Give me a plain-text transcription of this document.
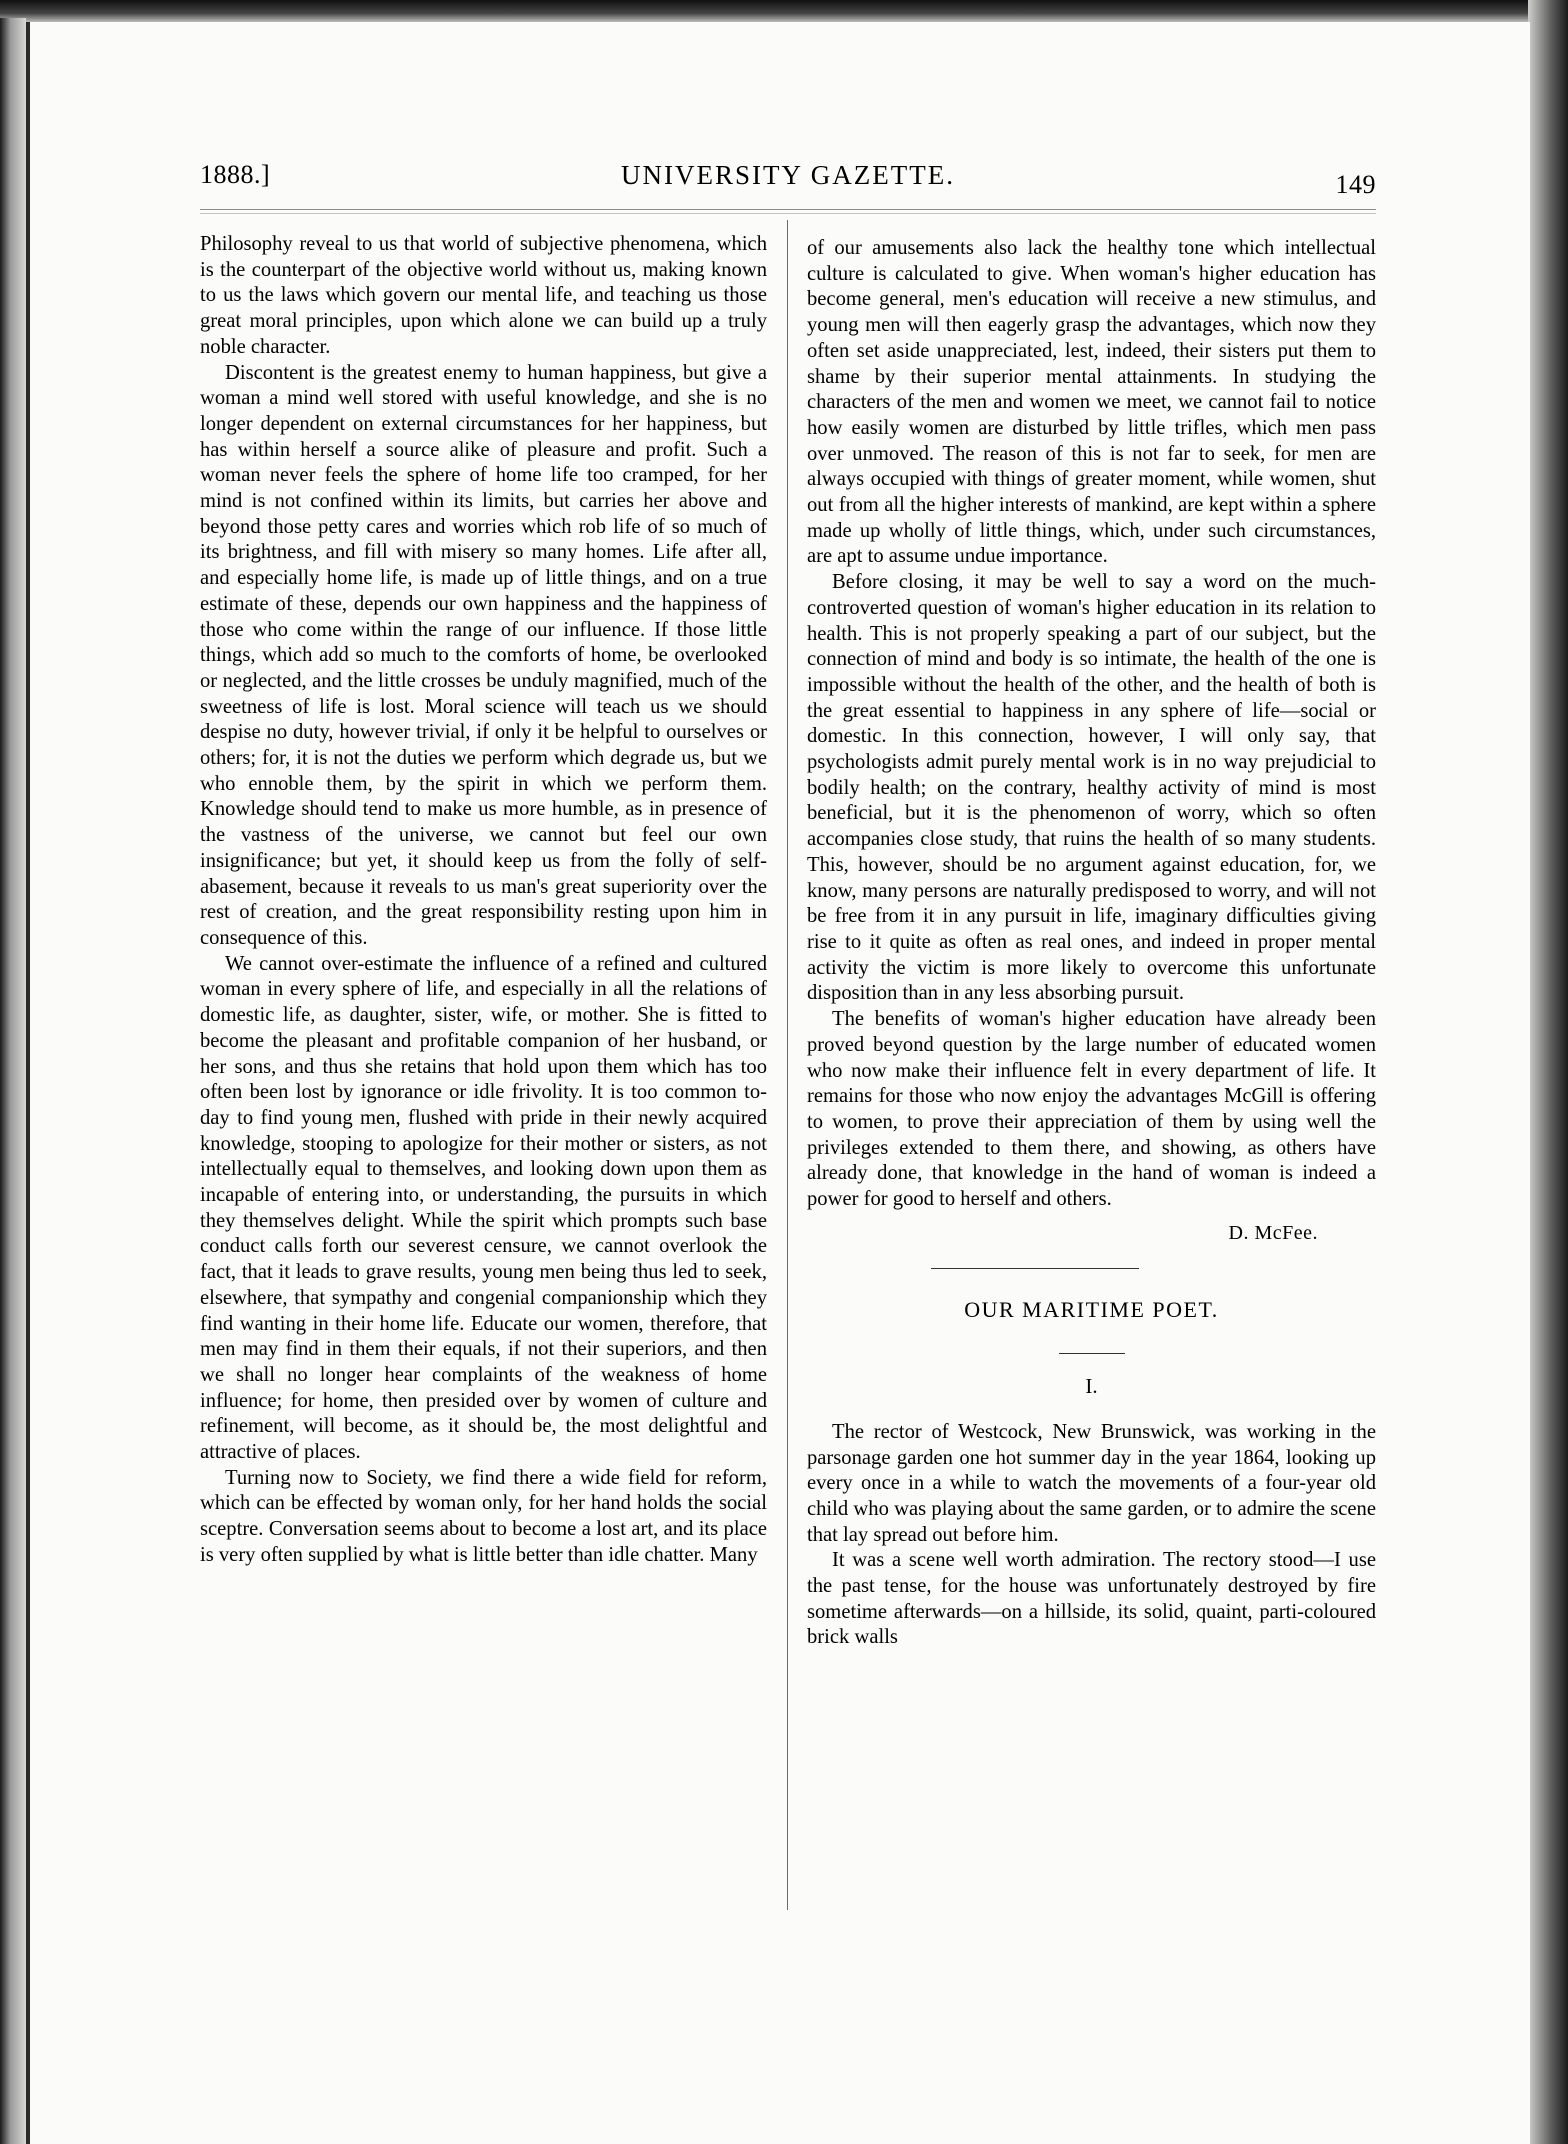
1888.]	UNIVERSITY GAZETTE.	149

Philosophy reveal to us that world of subjective phenomena, which is the counterpart of the objective world without us, making known to us the laws which govern our mental life, and teaching us those great moral principles, upon which alone we can build up a truly noble character.

Discontent is the greatest enemy to human happiness, but give a woman a mind well stored with useful knowledge, and she is no longer dependent on external circumstances for her happiness, but has within herself a source alike of pleasure and profit. Such a woman never feels the sphere of home life too cramped, for her mind is not confined within its limits, but carries her above and beyond those petty cares and worries which rob life of so much of its brightness, and fill with misery so many homes. Life after all, and especially home life, is made up of little things, and on a true estimate of these, depends our own happiness and the happiness of those who come within the range of our influence. If those little things, which add so much to the comforts of home, be overlooked or neglected, and the little crosses be unduly magnified, much of the sweetness of life is lost. Moral science will teach us we should despise no duty, however trivial, if only it be helpful to ourselves or others; for, it is not the duties we perform which degrade us, but we who ennoble them, by the spirit in which we perform them. Knowledge should tend to make us more humble, as in presence of the vastness of the universe, we cannot but feel our own insignificance; but yet, it should keep us from the folly of self-abasement, because it reveals to us man's great superiority over the rest of creation, and the great responsibility resting upon him in consequence of this.

We cannot over-estimate the influence of a refined and cultured woman in every sphere of life, and especially in all the relations of domestic life, as daughter, sister, wife, or mother. She is fitted to become the pleasant and profitable companion of her husband, or her sons, and thus she retains that hold upon them which has too often been lost by ignorance or idle frivolity. It is too common to-day to find young men, flushed with pride in their newly acquired knowledge, stooping to apologize for their mother or sisters, as not intellectually equal to themselves, and looking down upon them as incapable of entering into, or understanding, the pursuits in which they themselves delight. While the spirit which prompts such base conduct calls forth our severest censure, we cannot overlook the fact, that it leads to grave results, young men being thus led to seek, elsewhere, that sympathy and congenial companionship which they find wanting in their home life. Educate our women, therefore, that men may find in them their equals, if not their superiors, and then we shall no longer hear complaints of the weakness of home influence; for home, then presided over by women of culture and refinement, will become, as it should be, the most delightful and attractive of places.

Turning now to Society, we find there a wide field for reform, which can be effected by woman only, for her hand holds the social sceptre. Conversation seems about to become a lost art, and its place is very often supplied by what is little better than idle chatter. Many

of our amusements also lack the healthy tone which intellectual culture is calculated to give. When woman's higher education has become general, men's education will receive a new stimulus, and young men will then eagerly grasp the advantages, which now they often set aside unappreciated, lest, indeed, their sisters put them to shame by their superior mental attainments. In studying the characters of the men and women we meet, we cannot fail to notice how easily women are disturbed by little trifles, which men pass over unmoved. The reason of this is not far to seek, for men are always occupied with things of greater moment, while women, shut out from all the higher interests of mankind, are kept within a sphere made up wholly of little things, which, under such circumstances, are apt to assume undue importance.

Before closing, it may be well to say a word on the much-controverted question of woman's higher education in its relation to health. This is not properly speaking a part of our subject, but the connection of mind and body is so intimate, the health of the one is impossible without the health of the other, and the health of both is the great essential to happiness in any sphere of life—social or domestic. In this connection, however, I will only say, that psychologists admit purely mental work is in no way prejudicial to bodily health; on the contrary, healthy activity of mind is most beneficial, but it is the phenomenon of worry, which so often accompanies close study, that ruins the health of so many students. This, however, should be no argument against education, for, we know, many persons are naturally predisposed to worry, and will not be free from it in any pursuit in life, imaginary difficulties giving rise to it quite as often as real ones, and indeed in proper mental activity the victim is more likely to overcome this unfortunate disposition than in any less absorbing pursuit.

The benefits of woman's higher education have already been proved beyond question by the large number of educated women who now make their influence felt in every department of life. It remains for those who now enjoy the advantages McGill is offering to women, to prove their appreciation of them by using well the privileges extended to them there, and showing, as others have already done, that knowledge in the hand of woman is indeed a power for good to herself and others.

D. McFee.
OUR MARITIME POET.
I.

The rector of Westcock, New Brunswick, was working in the parsonage garden one hot summer day in the year 1864, looking up every once in a while to watch the movements of a four-year old child who was playing about the same garden, or to admire the scene that lay spread out before him.

It was a scene well worth admiration. The rectory stood—I use the past tense, for the house was unfortunately destroyed by fire sometime afterwards—on a hillside, its solid, quaint, parti-coloured brick walls
